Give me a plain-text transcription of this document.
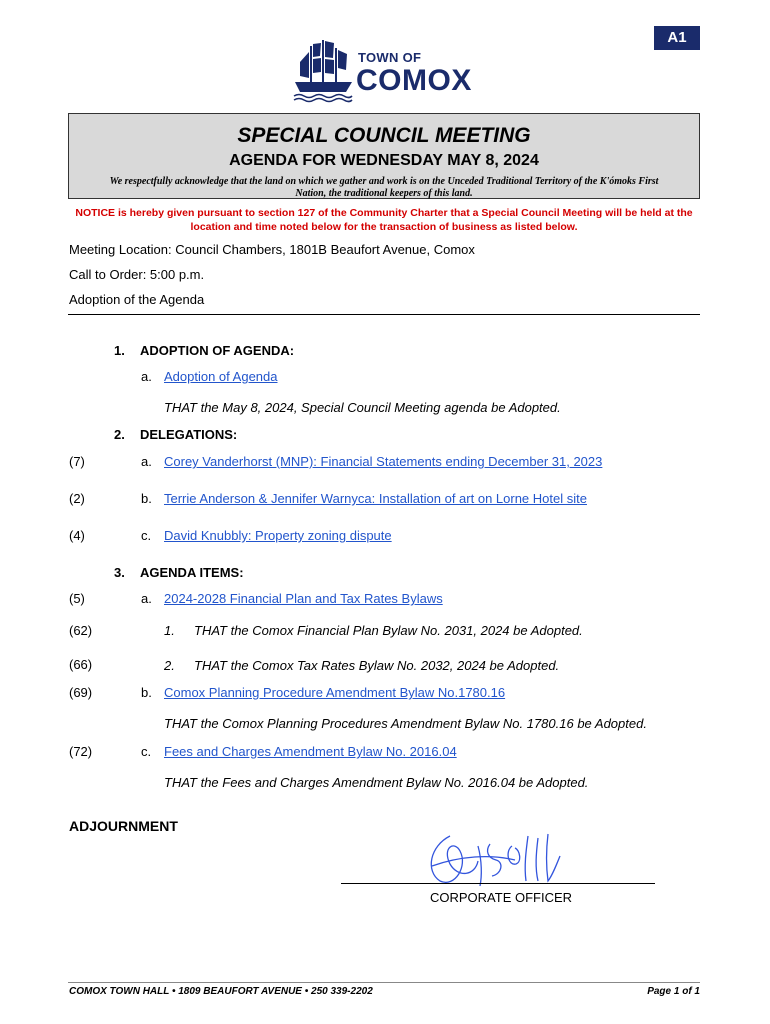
A1
TOWN OF
COMOX
SPECIAL COUNCIL MEETING
AGENDA FOR WEDNESDAY MAY 8, 2024
We respectfully acknowledge that the land on which we gather and work is on the Unceded Traditional Territory of the K'ómoks First Nation, the traditional keepers of this land.
NOTICE is hereby given pursuant to section 127 of the Community Charter that a Special Council Meeting will be held at the location and time noted below for the transaction of business as listed below.
Meeting Location: Council Chambers, 1801B Beaufort Avenue, Comox
Call to Order: 5:00 p.m.
Adoption of the Agenda
1. ADOPTION OF AGENDA:
a. Adoption of Agenda
THAT the May 8, 2024, Special Council Meeting agenda be Adopted.
2. DELEGATIONS:
(7)	a. Corey Vanderhorst (MNP): Financial Statements ending December 31, 2023
(2)	b. Terrie Anderson & Jennifer Warnyca: Installation of art on Lorne Hotel site
(4)	c. David Knubbly: Property zoning dispute
3. AGENDA ITEMS:
(5)	a. 2024-2028 Financial Plan and Tax Rates Bylaws
(62)	1. THAT the Comox Financial Plan Bylaw No. 2031, 2024 be Adopted.
(66)	2. THAT the Comox Tax Rates Bylaw No. 2032, 2024 be Adopted.
(69)	b. Comox Planning Procedure Amendment Bylaw No.1780.16
THAT the Comox Planning Procedures Amendment Bylaw No. 1780.16 be Adopted.
(72)	c. Fees and Charges Amendment Bylaw No. 2016.04
THAT the Fees and Charges Amendment Bylaw No. 2016.04 be Adopted.
ADJOURNMENT
CORPORATE OFFICER
COMOX TOWN HALL • 1809 BEAUFORT AVENUE • 250 339-2202	Page 1 of 1
